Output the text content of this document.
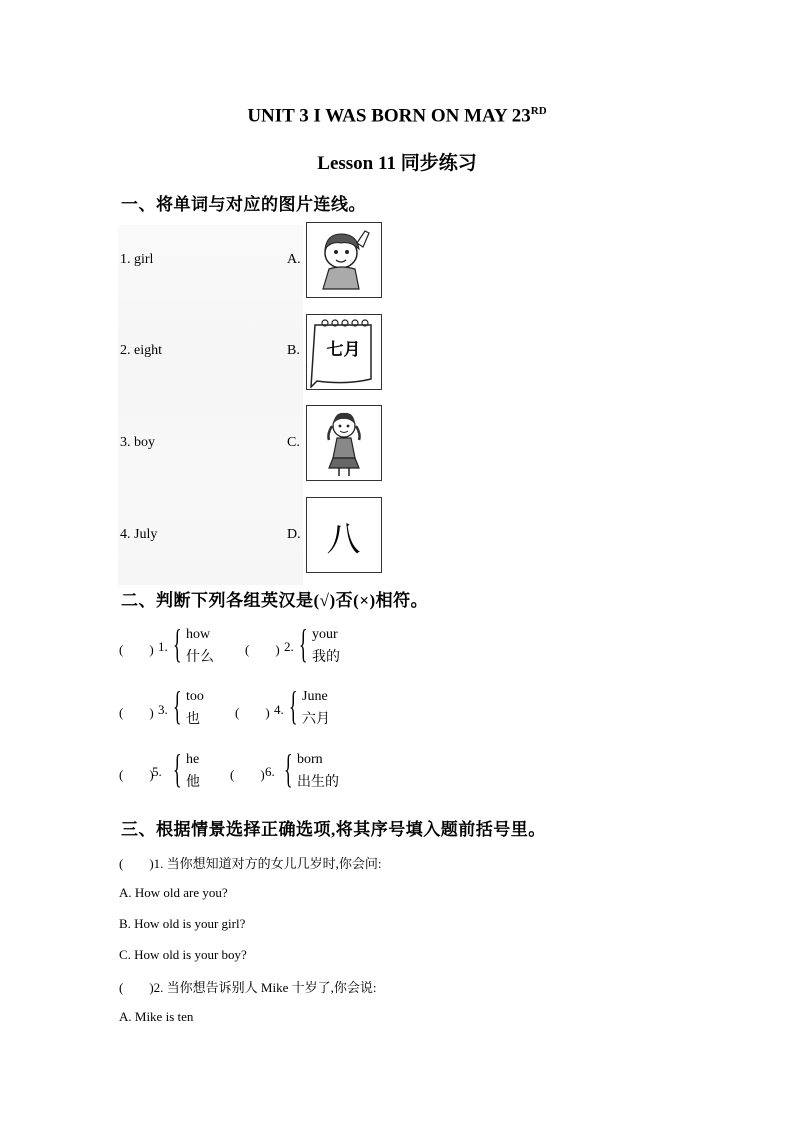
UNIT 3 I WAS BORN ON MAY 23RD
Lesson 11 同步练习
一、将单词与对应的图片连线。
1. girl
2. eight
3. boy
4. July
A.
B.
C.
D.
七月
八
二、判断下列各组英汉是(√)否(×)相符。
(　　) 1. { how
什么
(　　) 2. { your
我的
(　　) 3. { too
也	(　　) 4. { June
六月
(　　)
5. { he
他
(　　) 6. { born
出生的
三、根据情景选择正确选项,将其序号填入题前括号里。
(　　)1. 当你想知道对方的女儿几岁时,你会问:
A. How old are you?
B. How old is your girl?
C. How old is your boy?
(　　)2. 当你想告诉别人 Mike 十岁了,你会说:
A. Mike is ten
